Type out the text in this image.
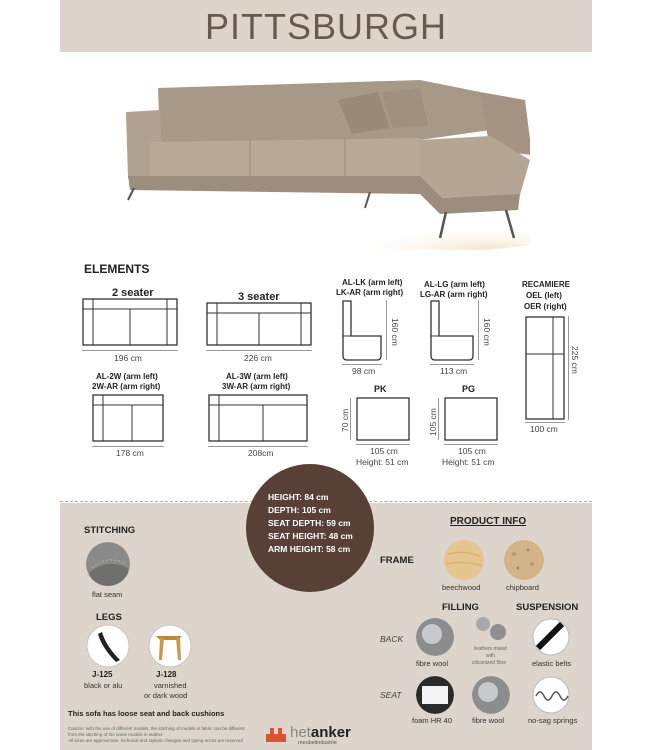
PITTSBURGH
ELEMENTS
2 seater
196 cm
3 seater
226 cm
AL-LK (arm left)
LK-AR (arm right)
160 cm
98 cm
AL-LG (arm left)
LG-AR (arm right)
160 cm
113 cm
RECAMIERE
OEL (left)
OER (right)
225 cm
100 cm
AL-2W (arm left)
2W-AR (arm right)
178 cm
AL-3W (arm left)
3W-AR (arm right)
208cm
PK
70 cm
105 cm
Height: 51 cm
PG
105 cm
105 cm
Height: 51 cm
HEIGHT: 84 cm
DEPTH: 105 cm
SEAT DEPTH: 59 cm
SEAT HEIGHT: 48 cm
ARM HEIGHT: 58 cm
STITCHING
flat seam
LEGS
J-125
black or alu
J-128
varnished
or dark wood
This sofa has loose seat and back cushions
Caution: with the use of different models, the stitching of models in fabric can be different
from the stitching of the same models in leather.
All sizes are approximate, technical and stylistic changes and typing errors are reserved	hetanker
meubelindustrie
PRODUCT INFO
FRAME
beechwood	chipboard
FILLING	SUSPENSION
BACK
fibre wool
feathers mixed
with
siliconized fibre	elastic belts
SEAT
foam HR 40	fibre wool	no-sag springs
